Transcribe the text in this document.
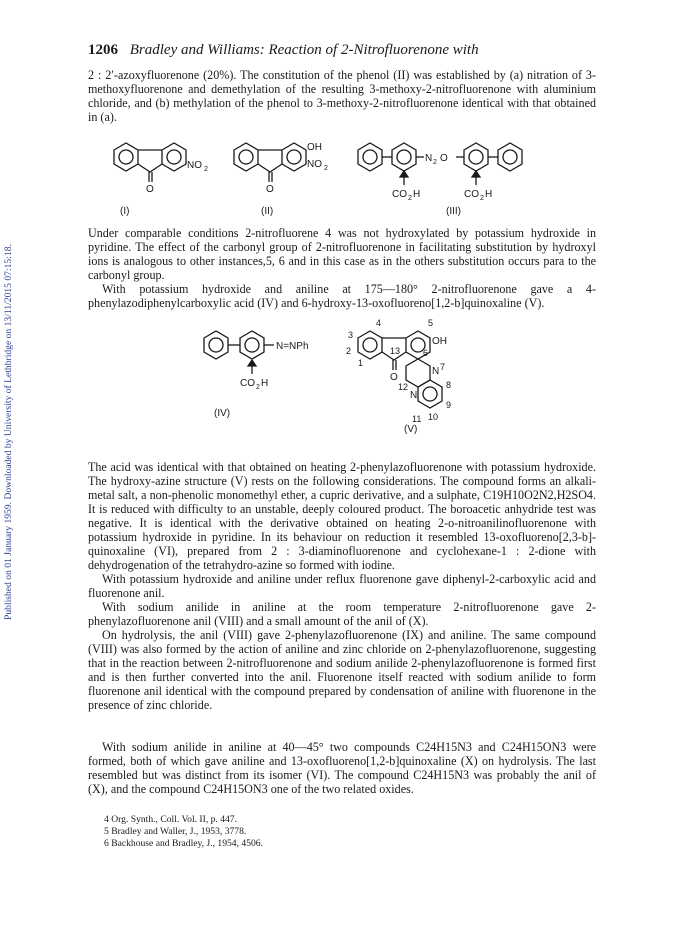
Published on 01 January 1959. Downloaded by University of Lethbridge on 13/11/2015 07:15:18.
1206 Bradley and Williams: Reaction of 2-Nitrofluorenone with
2 : 2′-azoxyfluorenone (20%). The constitution of the phenol (II) was established by (a) nitration of 3-methoxyfluorenone and demethylation of the resulting 3-methoxy-2-nitrofluorenone with aluminium chloride, and (b) methylation of the phenol to 3-methoxy-2-nitrofluorenone identical with that obtained in (a).
NO 2
O
OH
NO 2
O
N 2 O
CO 2 H	CO 2 H
(I)	(II)	(III)
Under comparable conditions 2-nitrofluorene 4 was not hydroxylated by potassium hydroxide in pyridine. The effect of the carbonyl group of 2-nitrofluorenone in facilitating substitution by hydroxyl ions is analogous to other instances,5, 6 and in this case as in the others substitution occurs para to the carbonyl group.
With potassium hydroxide and aniline at 175—180° 2-nitrofluorenone gave a 4-phenylazodiphenylcarboxylic acid (IV) and 6-hydroxy-13-oxofluoreno[1,2-b]quinoxaline (V).
N=NPh
CO 2 H
(IV)
OH
N
N
O
4
3
2
5
6
1
13
7
12	8
11
9
10
(V)
The acid was identical with that obtained on heating 2-phenylazofluorenone with potassium hydroxide. The hydroxy-azine structure (V) rests on the following considerations. The compound forms an alkali-metal salt, a non-phenolic monomethyl ether, a cupric derivative, and a sulphate, C19H10O2N2,H2SO4. It is reduced with difficulty to an unstable, deeply coloured product. The boroacetic anhydride test was negative. It is identical with the derivative obtained on heating 2-o-nitroanilinofluorenone with potassium hydroxide in pyridine. In its behaviour on reduction it resembled 13-oxofluoreno[2,3-b]-quinoxaline (VI), prepared from 2 : 3-diaminofluorenone and cyclohexane-1 : 2-dione with dehydrogenation of the tetrahydro-azine so formed with iodine.
With potassium hydroxide and aniline under reflux fluorenone gave diphenyl-2-carboxylic acid and fluorenone anil.
With sodium anilide in aniline at the room temperature 2-nitrofluorenone gave 2-phenylazofluorenone anil (VIII) and a small amount of the anil of (X).
On hydrolysis, the anil (VIII) gave 2-phenylazofluorenone (IX) and aniline. The same compound (VIII) was also formed by the action of aniline and zinc chloride on 2-phenylazofluorenone, suggesting that in the reaction between 2-nitrofluorenone and sodium anilide 2-phenylazofluorenone is formed first and is then further converted into the anil. Fluorenone itself reacted with sodium anilide to form fluorenone anil identical with the compound prepared by condensation of aniline with fluorenone in the presence of zinc chloride.
With sodium anilide in aniline at 40—45° two compounds C24H15N3 and C24H15ON3 were formed, both of which gave aniline and 13-oxofluoreno[1,2-b]quinoxaline (X) on hydrolysis. The last resembled but was distinct from its isomer (VI). The compound C24H15N3 was probably the anil of (X), and the compound C24H15ON3 one of the two related oxides.
4 Org. Synth., Coll. Vol. II, p. 447.
5 Bradley and Waller, J., 1953, 3778.
6 Backhouse and Bradley, J., 1954, 4506.
